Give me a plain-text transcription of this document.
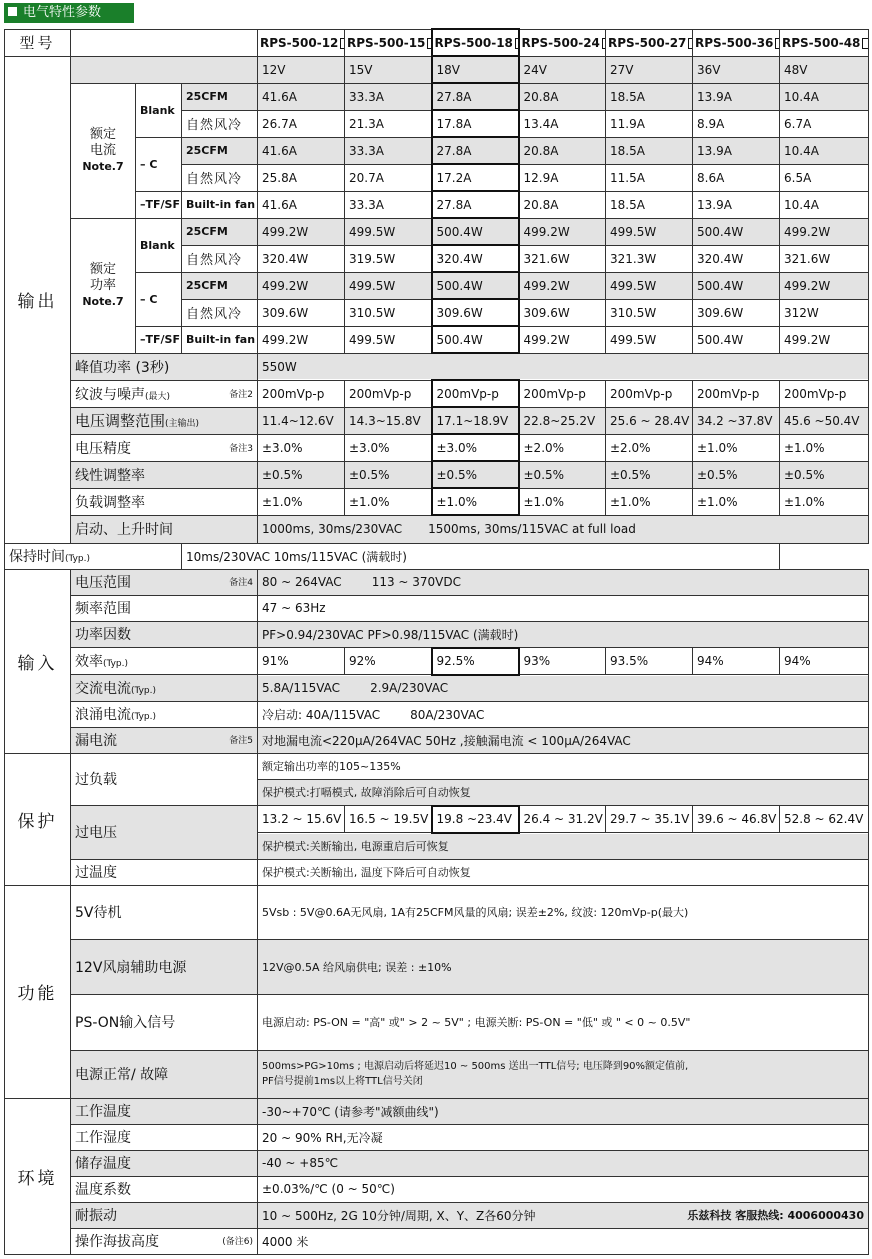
电气特性参数
型号				RPS-500-12	RPS-500-15	RPS-500-18	RPS-500-24	RPS-500-27	RPS-500-36	RPS-500-48
输出				12V	15V	18V	24V	27V	36V	48V

	额定
电流
Note.7	Blank	25CFM	41.6A	33.3A	27.8A	20.8A	18.5A	13.9A	10.4A
			自然风冷	26.7A	21.3A	17.8A	13.4A	11.9A	8.9A	6.7A
		– C	25CFM	41.6A	33.3A	27.8A	20.8A	18.5A	13.9A	10.4A
			自然风冷	25.8A	20.7A	17.2A	12.9A	11.5A	8.6A	6.5A
		–TF/SF	Built-in fan	41.6A	33.3A	27.8A	20.8A	18.5A	13.9A	10.4A

	额定
功率
Note.7	Blank	25CFM	499.2W	499.5W	500.4W	499.2W	499.5W	500.4W	499.2W
			自然风冷	320.4W	319.5W	320.4W	321.6W	321.3W	320.4W	321.6W
		– C	25CFM	499.2W	499.5W	500.4W	499.2W	499.5W	500.4W	499.2W
			自然风冷	309.6W	310.5W	309.6W	309.6W	310.5W	309.6W	312W
		–TF/SF	Built-in fan	499.2W	499.5W	500.4W	499.2W	499.5W	500.4W	499.2W
	峰值功率 (3秒)			550W						
	纹波与噪声(最大) 备注2			200mVp-p	200mVp-p	200mVp-p	200mVp-p	200mVp-p	200mVp-p	200mVp-p
	电压调整范围(主输出)			11.4~12.6V	14.3~15.8V	17.1~18.9V	22.8~25.2V	25.6 ~ 28.4V	34.2 ~37.8V	45.6 ~50.4V
	电压精度 备注3			±3.0%	±3.0%	±3.0%	±2.0%	±2.0%	±1.0%	±1.0%
	线性调整率			±0.5%	±0.5%	±0.5%	±0.5%	±0.5%	±0.5%	±0.5%
	负载调整率			±1.0%	±1.0%	±1.0%	±1.0%	±1.0%	±1.0%	±1.0%
	启动、上升时间			1000ms, 30ms/230VAC 1500ms, 30ms/115VAC at full load						
保持时间(Typ.)			10ms/230VAC 10ms/115VAC (满载时)							
输入	电压范围 备注4			80 ~ 264VAC 113 ~ 370VDC						
	频率范围			47 ~ 63Hz						
	功率因数			PF>0.94/230VAC PF>0.98/115VAC (满载时)						
	效率(Typ.)			91%	92%	92.5%	93%	93.5%	94%	94%
	交流电流(Typ.)			5.8A/115VAC 2.9A/230VAC						
	浪涌电流(Typ.)			冷启动: 40A/115VAC 80A/230VAC						
	漏电流 备注5			对地漏电流<220μA/264VAC 50Hz ,接触漏电流 < 100μA/264VAC						
保护	过负载			额定输出功率的105~135%						
				保护模式:打嗝模式, 故障消除后可自动恢复						
	过电压			13.2 ~ 15.6V	16.5 ~ 19.5V	19.8 ~23.4V	26.4 ~ 31.2V	29.7 ~ 35.1V	39.6 ~ 46.8V	52.8 ~ 62.4V
				保护模式:关断输出, 电源重启后可恢复						
	过温度			保护模式:关断输出, 温度下降后可自动恢复						
功能	5V待机			5Vsb : 5V@0.6A无风扇, 1A有25CFM风量的风扇; 误差±2%, 纹波: 120mVp-p(最大)						
	12V风扇辅助电源			12V@0.5A 给风扇供电; 误差 : ±10%						
	PS-ON输入信号			电源启动: PS-ON = "高" 或" > 2 ~ 5V" ; 电源关断: PS-ON = "低" 或 " < 0 ~ 0.5V"						
	电源正常/ 故障			500ms>PG>10ms ; 电源启动后将延迟10 ~ 500ms 送出一TTL信号; 电压降到90%额定值前,
PF信号提前1ms以上将TTL信号关闭						

环境	工作温度			-30~+70℃ (请参考"减额曲线")						
	工作湿度			20 ~ 90% RH,无冷凝						
	储存温度			-40 ~ +85℃						
	温度系数			±0.03%/℃ (0 ~ 50℃)						
	耐振动			10 ~ 500Hz, 2G 10分钟/周期, X、Y、Z各60分钟 乐兹科技 客服热线: 4006000430						

	操作海拔高度 (备注6)			4000 米						
